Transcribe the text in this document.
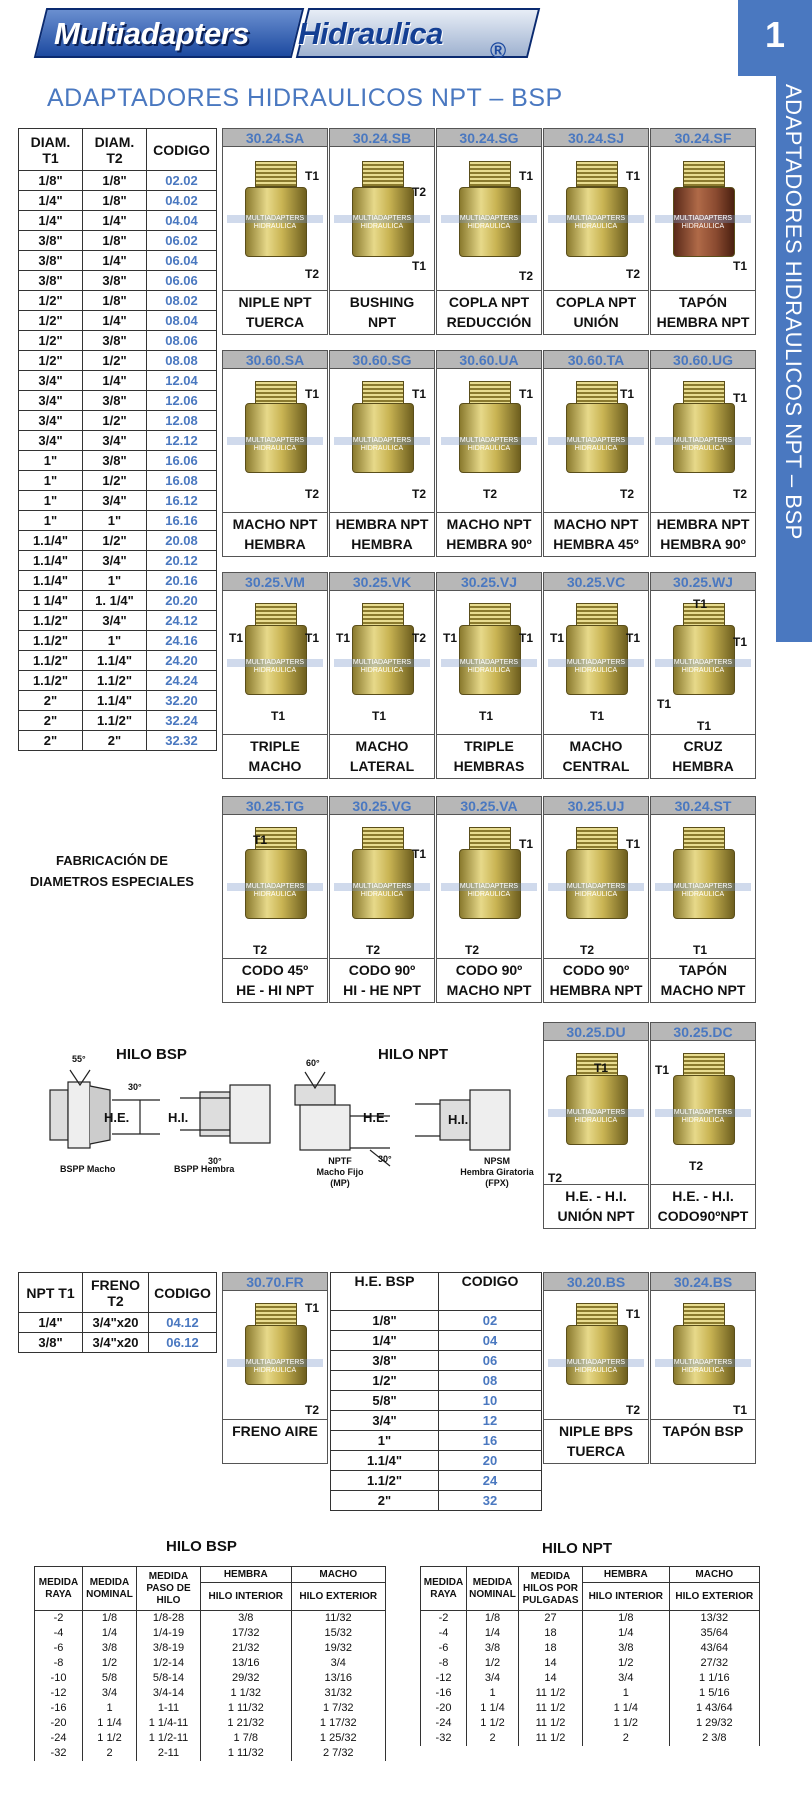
Multiadapters Hidraulica ®	1
ADAPTADORES HIDRAULICOS NPT – BSP
ADAPTADORES HIDRAULICOS NPT – BSP
DIAM. T1	DIAM. T2	CODIGO
1/8"	1/8"	02.02
1/4"	1/8"	04.02
1/4"	1/4"	04.04
3/8"	1/8"	06.02
3/8"	1/4"	06.04
3/8"	3/8"	06.06
1/2"	1/8"	08.02
1/2"	1/4"	08.04
1/2"	3/8"	08.06
1/2"	1/2"	08.08
3/4"	1/4"	12.04
3/4"	3/8"	12.06
3/4"	1/2"	12.08
3/4"	3/4"	12.12
1"	3/8"	16.06
1"	1/2"	16.08
1"	3/4"	16.12
1"	1"	16.16
1.1/4"	1/2"	20.08
1.1/4"	3/4"	20.12
1.1/4"	1"	20.16
1 1/4"	1. 1/4"	20.20
1.1/2"	3/4"	24.12
1.1/2"	1"	24.16
1.1/2"	1.1/4"	24.20
1.1/2"	1.1/2"	24.24
2"	1.1/4"	32.20
2"	1.1/2"	32.24
2"	2"	32.32
30.24.SA
MULTIADAPTERS HIDRAULICA
T1
T2
NIPLE NPT
TUERCA
30.24.SB
MULTIADAPTERS HIDRAULICA
T2
T1
BUSHING
NPT
30.24.SG
MULTIADAPTERS HIDRAULICA
T1
T2
COPLA NPT
REDUCCIÓN
30.24.SJ
MULTIADAPTERS HIDRAULICA
T1
T2
COPLA NPT
UNIÓN
30.24.SF
MULTIADAPTERS HIDRAULICA
T1
TAPÓN
HEMBRA NPT
30.60.SA
MULTIADAPTERS HIDRAULICA
T1
T2
MACHO NPT
HEMBRA
30.60.SG
MULTIADAPTERS HIDRAULICA
T1
T2
HEMBRA NPT
HEMBRA
30.60.UA
MULTIADAPTERS HIDRAULICA
T1
T2
MACHO NPT
HEMBRA 90º
30.60.TA
MULTIADAPTERS HIDRAULICA
T1
T2
MACHO NPT
HEMBRA 45º
30.60.UG
MULTIADAPTERS HIDRAULICA
T1
T2
HEMBRA NPT
HEMBRA 90º
30.25.VM
MULTIADAPTERS HIDRAULICA
T1	T1
T1
TRIPLE
MACHO
30.25.VK
MULTIADAPTERS HIDRAULICA
T1	T2
T1
MACHO
LATERAL
30.25.VJ
MULTIADAPTERS HIDRAULICA
T1	T1
T1
TRIPLE
HEMBRAS
30.25.VC
MULTIADAPTERS HIDRAULICA
T1	T1
T1
MACHO
CENTRAL
30.25.WJ
MULTIADAPTERS HIDRAULICA
T1
T1
T1
T1
CRUZ
HEMBRA
30.25.TG
MULTIADAPTERS HIDRAULICA
T1
T2
CODO 45º
HE - HI NPT
30.25.VG
MULTIADAPTERS HIDRAULICA
T1
T2
CODO 90º
HI - HE NPT
30.25.VA
MULTIADAPTERS HIDRAULICA
T1
T2
CODO 90º
MACHO NPT
30.25.UJ
MULTIADAPTERS HIDRAULICA
T1
T2
CODO 90º
HEMBRA NPT
30.24.ST
MULTIADAPTERS HIDRAULICA
T1
TAPÓN
MACHO NPT
30.25.DU
MULTIADAPTERS HIDRAULICA
T1
T2
H.E. - H.I.
UNIÓN NPT
30.25.DC
MULTIADAPTERS HIDRAULICA
T1
T2
H.E. - H.I.
CODO90ºNPT
30.70.FR
MULTIADAPTERS HIDRAULICA
T1
T2
FRENO AIRE
30.20.BS
MULTIADAPTERS HIDRAULICA
T1
T2
NIPLE BPS
TUERCA
30.24.BS
MULTIADAPTERS HIDRAULICA
T1
TAPÓN BSP
FABRICACIÓN DE DIAMETROS ESPECIALES
HILO BSP	HILO NPT
55°
30°
60°
30°
H.E.	H.I.
30°
H.E.	H.I.
BSPP Macho	BSPP Hembra
NPTF
Macho Fijo
(MP)
NPSM
Hembra Giratoria
(FPX)
NPT T1	FRENO T2	CODIGO
1/4"	3/4"x20	04.12
3/8"	3/4"x20	06.12
H.E. BSP	CODIGO
1/8"	02
1/4"	04
3/8"	06
1/2"	08
5/8"	10
3/4"	12
1"	16
1.1/4"	20
1.1/2"	24
2"	32
HILO BSP
MEDIDA RAYA	MEDIDA NOMINAL	MEDIDA PASO DE HILO	HEMBRA	MACHO
			HILO INTERIOR	HILO EXTERIOR
-2	1/8	1/8-28	3/8	11/32
-4	1/4	1/4-19	17/32	15/32
-6	3/8	3/8-19	21/32	19/32
-8	1/2	1/2-14	13/16	3/4
-10	5/8	5/8-14	29/32	13/16
-12	3/4	3/4-14	1 1/32	31/32
-16	1	1-11	1 11/32	1 7/32
-20	1 1/4	1 1/4-11	1 21/32	1 17/32
-24	1 1/2	1 1/2-11	1 7/8	1 25/32
-32	2	2-11	1 11/32	2 7/32
HILO NPT
MEDIDA RAYA	MEDIDA NOMINAL	MEDIDA HILOS POR PULGADAS	HEMBRA	MACHO
			HILO INTERIOR	HILO EXTERIOR
-2	1/8	27	1/8	13/32
-4	1/4	18	1/4	35/64
-6	3/8	18	3/8	43/64
-8	1/2	14	1/2	27/32
-12	3/4	14	3/4	1 1/16
-16	1	11 1/2	1	1 5/16
-20	1 1/4	11 1/2	1 1/4	1 43/64
-24	1 1/2	11 1/2	1 1/2	1 29/32
-32	2	11 1/2	2	2 3/8
